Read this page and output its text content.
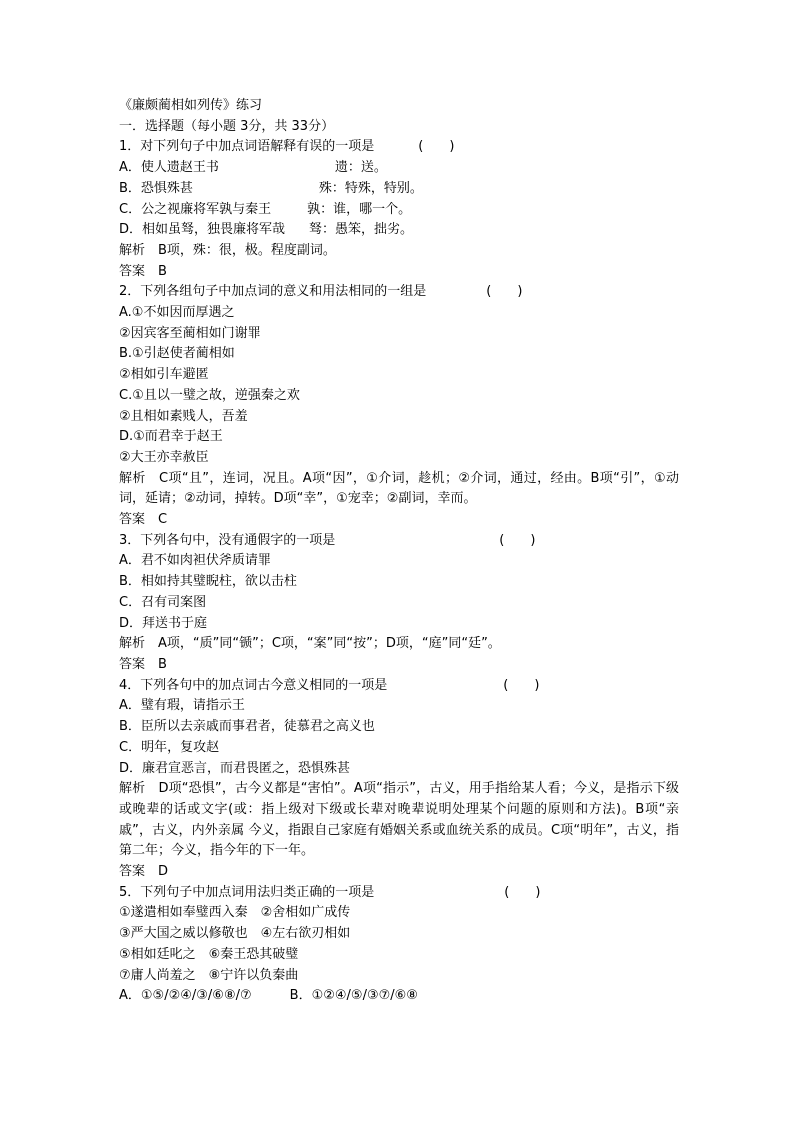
《廉颇蔺相如列传》练习
一．选择题（每小题 3分，共 33分）
1．对下列句子中加点词语解释有误的一项是	(　　)
A．使人遗赵王书	遗：送。
B．恐惧殊甚	殊：特殊，特别。
C．公之视廉将军孰与秦王	孰：谁，哪一个。
D．相如虽驽，独畏廉将军哉 驽：愚笨，拙劣。
解析　B项，殊：很，极。程度副词。
答案　B
2．下列各组句子中加点词的意义和用法相同的一组是	(　　)
A.①不如因而厚遇之
②因宾客至蔺相如门谢罪
B.①引赵使者蔺相如
②相如引车避匿
C.①且以一璧之故，逆强秦之欢
②且相如素贱人，吾羞
D.①而君幸于赵王
②大王亦幸赦臣
解析　C项“且”，连词，况且。A项“因”，①介词，趁机；②介词，通过，经由。B项“引”，①动词，延请；②动词，掉转。D项“幸”，①宠幸；②副词，幸而。
答案　C
3．下列各句中，没有通假字的一项是	(　　)
A．君不如肉袒伏斧质请罪
B．相如持其璧睨柱，欲以击柱
C．召有司案图
D．拜送书于庭
解析　A项，“质”同“锧”；C项，“案”同“按”；D项，“庭”同“廷”。
答案　B
4．下列各句中的加点词古今意义相同的一项是	(　　)
A．璧有瑕，请指示王
B．臣所以去亲戚而事君者，徒慕君之高义也
C．明年，复攻赵
D．廉君宣恶言，而君畏匿之，恐惧殊甚
解析　D项“恐惧”，古今义都是“害怕”。A项“指示”，古义，用手指给某人看；今义，是指示下级或晚辈的话或文字(或：指上级对下级或长辈对晚辈说明处理某个问题的原则和方法)。B项“亲戚”，古义，内外亲属 今义，指跟自己家庭有婚姻关系或血统关系的成员。C项“明年”，古义，指第二年；今义，指今年的下一年。
答案　D
5．下列句子中加点词用法归类正确的一项是	(　　)
①遂遣相如奉璧西入秦　②舍相如广成传
③严大国之威以修敬也　④左右欲刃相如
⑤相如廷叱之　⑥秦王恐其破璧
⑦庸人尚羞之　⑧宁许以负秦曲
A．①⑤/②④/③/⑥⑧/⑦	B．①②④/⑤/③⑦/⑥⑧
